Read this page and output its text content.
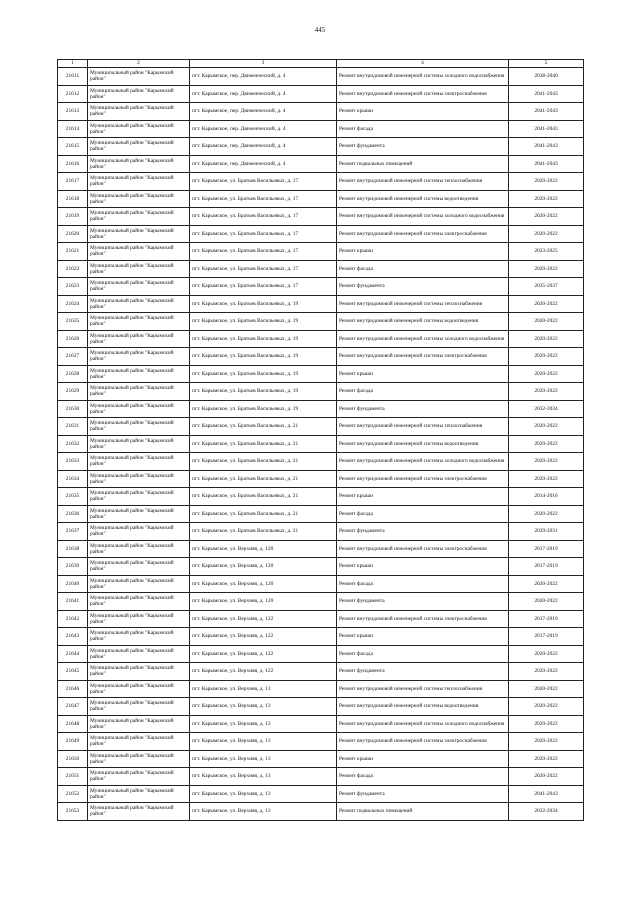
445
1	2	3	4	5
21611	Муниципальный район "Карымский район"	пгт. Карымское, пер. Движенческий, д. 4	Ремонт внутридомовой инженерной системы холодного водоснабжения	2038-2040
21612	Муниципальный район "Карымский район"	пгт. Карымское, пер. Движенческий, д. 4	Ремонт внутридомовой инженерной системы электроснабжения	2041-2043
21613	Муниципальный район "Карымский район"	пгт. Карымское, пер. Движенческий, д. 4	Ремонт крыши	2041-2043
21614	Муниципальный район "Карымский район"	пгт. Карымское, пер. Движенческий, д. 4	Ремонт фасада	2041-2043
21615	Муниципальный район "Карымский район"	пгт. Карымское, пер. Движенческий, д. 4	Ремонт фундамента	2041-2043
21616	Муниципальный район "Карымский район"	пгт. Карымское, пер. Движенческий, д. 4	Ремонт подвальных помещений	2041-2043
21617	Муниципальный район "Карымский район"	пгт. Карымское, ул. Братьев Васильевых, д. 17	Ремонт внутридомовой инженерной системы теплоснабжения	2020-2022
21618	Муниципальный район "Карымский район"	пгт. Карымское, ул. Братьев Васильевых, д. 17	Ремонт внутридомовой инженерной системы водоотведения	2020-2022
21619	Муниципальный район "Карымский район"	пгт. Карымское, ул. Братьев Васильевых, д. 17	Ремонт внутридомовой инженерной системы холодного водоснабжения	2020-2022
21620	Муниципальный район "Карымский район"	пгт. Карымское, ул. Братьев Васильевых, д. 17	Ремонт внутридомовой инженерной системы электроснабжения	2020-2022
21621	Муниципальный район "Карымский район"	пгт. Карымское, ул. Братьев Васильевых, д. 17	Ремонт крыши	2023-2025
21622	Муниципальный район "Карымский район"	пгт. Карымское, ул. Братьев Васильевых, д. 17	Ремонт фасада	2020-2022
21623	Муниципальный район "Карымский район"	пгт. Карымское, ул. Братьев Васильевых, д. 17	Ремонт фундамента	2035-2037
21624	Муниципальный район "Карымский район"	пгт. Карымское, ул. Братьев Васильевых, д. 19	Ремонт внутридомовой инженерной системы теплоснабжения	2020-2022
21625	Муниципальный район "Карымский район"	пгт. Карымское, ул. Братьев Васильевых, д. 19	Ремонт внутридомовой инженерной системы водоотведения	2020-2022
21626	Муниципальный район "Карымский район"	пгт. Карымское, ул. Братьев Васильевых, д. 19	Ремонт внутридомовой инженерной системы холодного водоснабжения	2020-2022
21627	Муниципальный район "Карымский район"	пгт. Карымское, ул. Братьев Васильевых, д. 19	Ремонт внутридомовой инженерной системы электроснабжения	2020-2022
21628	Муниципальный район "Карымский район"	пгт. Карымское, ул. Братьев Васильевых, д. 19	Ремонт крыши	2020-2022
21629	Муниципальный район "Карымский район"	пгт. Карымское, ул. Братьев Васильевых, д. 19	Ремонт фасада	2020-2022
21630	Муниципальный район "Карымский район"	пгт. Карымское, ул. Братьев Васильевых, д. 19	Ремонт фундамента	2032-2034
21631	Муниципальный район "Карымский район"	пгт. Карымское, ул. Братьев Васильевых, д. 21	Ремонт внутридомовой инженерной системы теплоснабжения	2020-2022
21632	Муниципальный район "Карымский район"	пгт. Карымское, ул. Братьев Васильевых, д. 21	Ремонт внутридомовой инженерной системы водоотведения	2020-2022
21633	Муниципальный район "Карымский район"	пгт. Карымское, ул. Братьев Васильевых, д. 21	Ремонт внутридомовой инженерной системы холодного водоснабжения	2020-2022
21634	Муниципальный район "Карымский район"	пгт. Карымское, ул. Братьев Васильевых, д. 21	Ремонт внутридомовой инженерной системы электроснабжения	2020-2022
21635	Муниципальный район "Карымский район"	пгт. Карымское, ул. Братьев Васильевых, д. 21	Ремонт крыши	2014-2016
21636	Муниципальный район "Карымский район"	пгт. Карымское, ул. Братьев Васильевых, д. 21	Ремонт фасада	2020-2022
21637	Муниципальный район "Карымский район"	пгт. Карымское, ул. Братьев Васильевых, д. 21	Ремонт фундамента	2029-2031
21638	Муниципальный район "Карымский район"	пгт. Карымское, ул. Верхняя, д. 120	Ремонт внутридомовой инженерной системы электроснабжения	2017-2019
21639	Муниципальный район "Карымский район"	пгт. Карымское, ул. Верхняя, д. 120	Ремонт крыши	2017-2019
21640	Муниципальный район "Карымский район"	пгт. Карымское, ул. Верхняя, д. 120	Ремонт фасада	2020-2022
21641	Муниципальный район "Карымский район"	пгт. Карымское, ул. Верхняя, д. 120	Ремонт фундамента	2020-2022
21642	Муниципальный район "Карымский район"	пгт. Карымское, ул. Верхняя, д. 122	Ремонт внутридомовой инженерной системы электроснабжения	2017-2019
21643	Муниципальный район "Карымский район"	пгт. Карымское, ул. Верхняя, д. 122	Ремонт крыши	2017-2019
21644	Муниципальный район "Карымский район"	пгт. Карымское, ул. Верхняя, д. 122	Ремонт фасада	2020-2022
21645	Муниципальный район "Карымский район"	пгт. Карымское, ул. Верхняя, д. 122	Ремонт фундамента	2020-2022
21646	Муниципальный район "Карымский район"	пгт. Карымское, ул. Верхняя, д. 13	Ремонт внутридомовой инженерной системы теплоснабжения	2020-2022
21647	Муниципальный район "Карымский район"	пгт. Карымское, ул. Верхняя, д. 13	Ремонт внутридомовой инженерной системы водоотведения	2020-2022
21648	Муниципальный район "Карымский район"	пгт. Карымское, ул. Верхняя, д. 13	Ремонт внутридомовой инженерной системы холодного водоснабжения	2020-2022
21649	Муниципальный район "Карымский район"	пгт. Карымское, ул. Верхняя, д. 13	Ремонт внутридомовой инженерной системы электроснабжения	2020-2022
21650	Муниципальный район "Карымский район"	пгт. Карымское, ул. Верхняя, д. 13	Ремонт крыши	2020-2022
21651	Муниципальный район "Карымский район"	пгт. Карымское, ул. Верхняя, д. 13	Ремонт фасада	2020-2022
21652	Муниципальный район "Карымский район"	пгт. Карымское, ул. Верхняя, д. 13	Ремонт фундамента	2041-2043
21653	Муниципальный район "Карымский район"	пгт. Карымское, ул. Верхняя, д. 13	Ремонт подвальных помещений	2032-2034
